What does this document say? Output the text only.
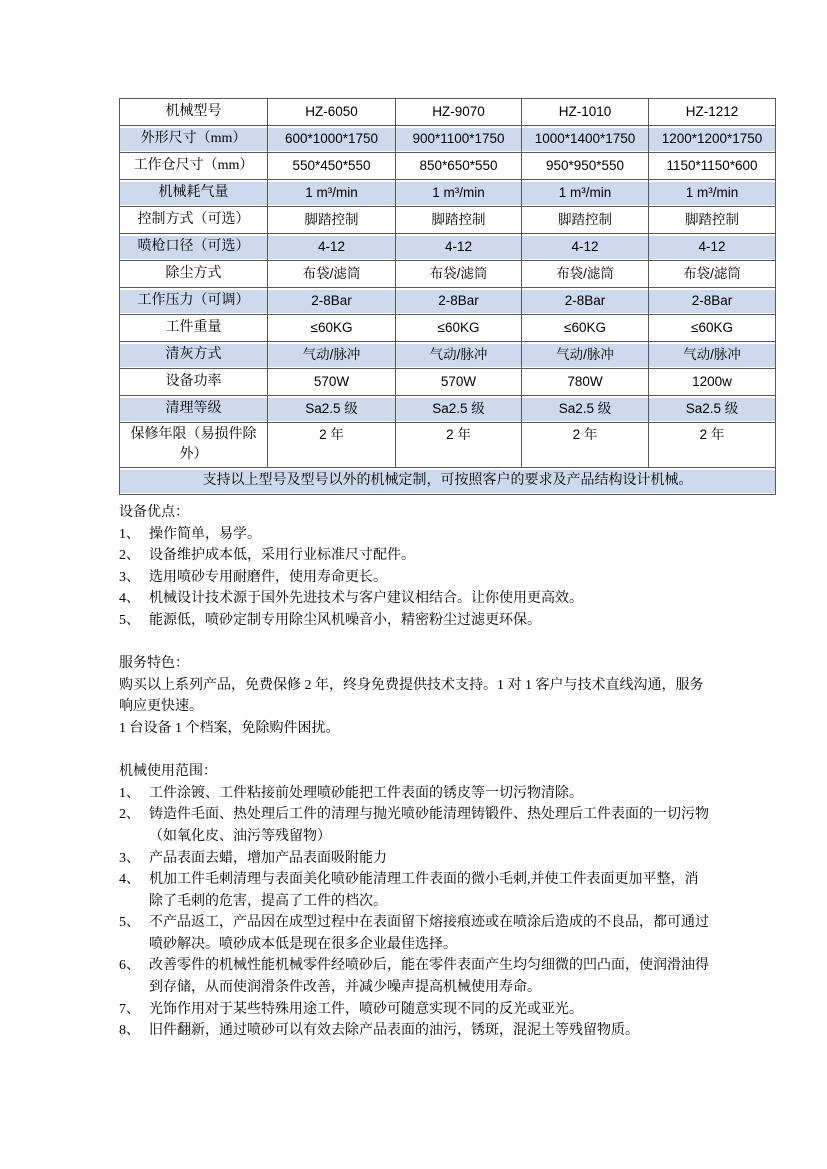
机械型号	HZ-6050	HZ-9070	HZ-1010	HZ-1212
外形尺寸（mm）	600*1000*1750	900*1100*1750	1000*1400*1750	1200*1200*1750
工作仓尺寸（mm）	550*450*550	850*650*550	950*950*550	1150*1150*600
机械耗气量	1 m³/min	1 m³/min	1 m³/min	1 m³/min
控制方式（可选）	脚踏控制	脚踏控制	脚踏控制	脚踏控制
喷枪口径（可选）	4-12	4-12	4-12	4-12
除尘方式	布袋/滤筒	布袋/滤筒	布袋/滤筒	布袋/滤筒
工作压力（可调）	2-8Bar	2-8Bar	2-8Bar	2-8Bar
工件重量	≤60KG	≤60KG	≤60KG	≤60KG
清灰方式	气动/脉冲	气动/脉冲	气动/脉冲	气动/脉冲
设备功率	570W	570W	780W	1200w
清理等级	Sa2.5 级	Sa2.5 级	Sa2.5 级	Sa2.5 级
保修年限（易损件除外）	2 年	2 年	2 年	2 年
支持以上型号及型号以外的机械定制，可按照客户的要求及产品结构设计机械。				
设备优点：
1、 操作简单，易学。
2、 设备维护成本低，采用行业标准尺寸配件。
3、 选用喷砂专用耐磨件，使用寿命更长。
4、 机械设计技术源于国外先进技术与客户建议相结合。让你使用更高效。
5、 能源低，喷砂定制专用除尘风机噪音小，精密粉尘过滤更环保。
服务特色：

购买以上系列产品，免费保修 2 年，终身免费提供技术支持。1 对 1 客户与技术直线沟通，服务响应更快速。

1 台设备 1 个档案，免除购件困扰。

机械使用范围：
1、 工件涂镀、工件粘接前处理喷砂能把工件表面的锈皮等一切污物清除。
2、 铸造件毛面、热处理后工件的清理与抛光喷砂能清理铸锻件、热处理后工件表面的一切污物（如氧化皮、油污等残留物）
3、 产品表面去蜡，增加产品表面吸附能力
4、 机加工件毛刺清理与表面美化喷砂能清理工件表面的微小毛刺,并使工件表面更加平整，消除了毛刺的危害，提高了工件的档次。
5、 不产品返工，产品因在成型过程中在表面留下熔接痕迹或在喷涂后造成的不良品，都可通过喷砂解决。喷砂成本低是现在很多企业最佳选择。
6、 改善零件的机械性能机械零件经喷砂后，能在零件表面产生均匀细微的凹凸面，使润滑油得到存储，从而使润滑条件改善，并减少噪声提高机械使用寿命。
7、 光饰作用对于某些特殊用途工件，喷砂可随意实现不同的反光或亚光。
8、 旧件翻新，通过喷砂可以有效去除产品表面的油污，锈斑，混泥土等残留物质。
